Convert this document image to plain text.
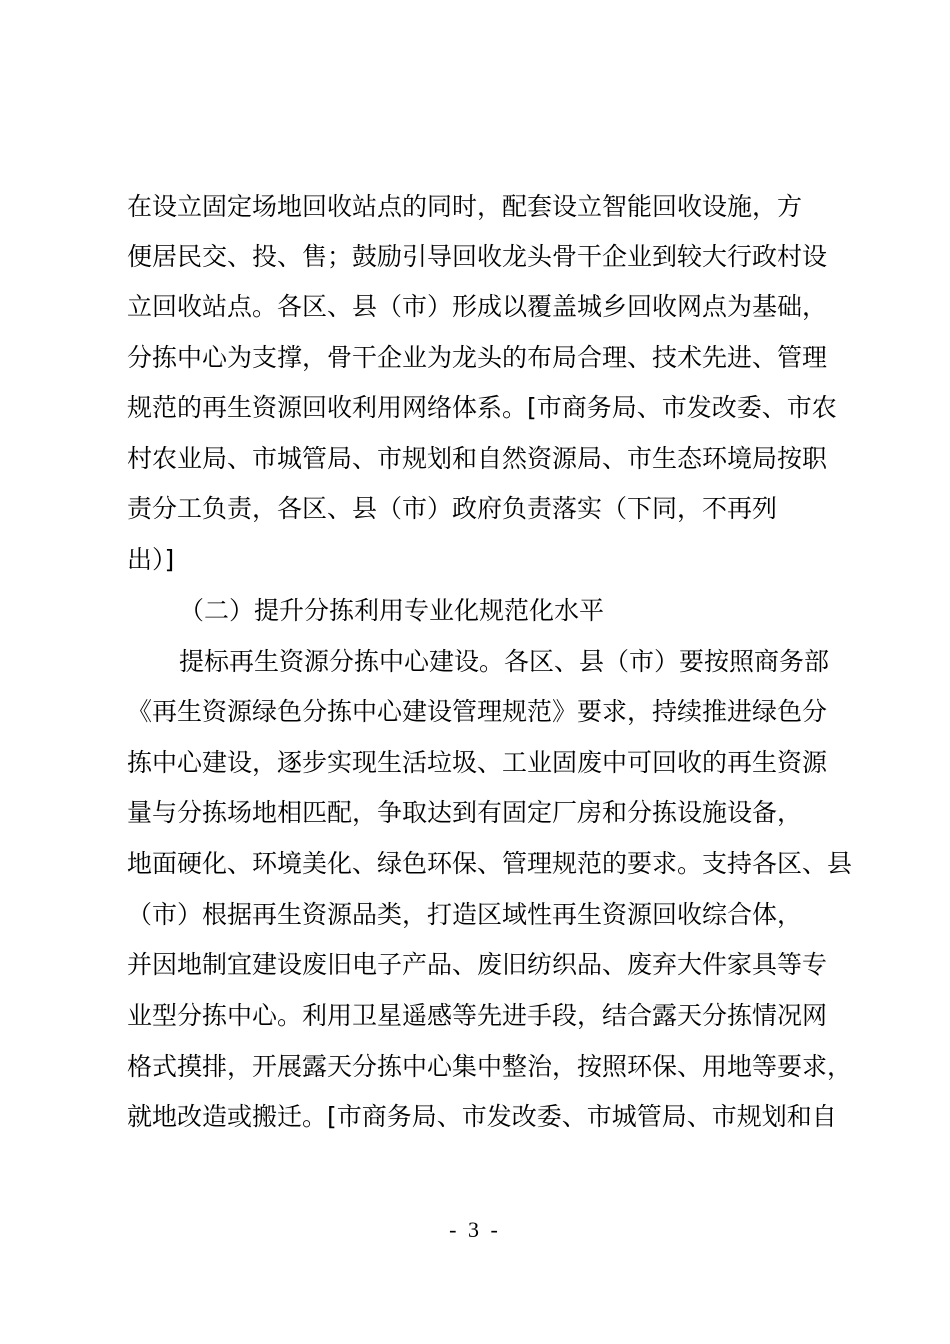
在设立固定场地回收站点的同时，配套设立智能回收设施，方
便居民交、投、售；鼓励引导回收龙头骨干企业到较大行政村设
立回收站点。各区、县（市）形成以覆盖城乡回收网点为基础，
分拣中心为支撑，骨干企业为龙头的布局合理、技术先进、管理
规范的再生资源回收利用网络体系。[市商务局、市发改委、市农
村农业局、市城管局、市规划和自然资源局、市生态环境局按职
责分工负责，各区、县（市）政府负责落实（下同，不再列
出）]
（二）提升分拣利用专业化规范化水平
提标再生资源分拣中心建设。各区、县（市）要按照商务部
《再生资源绿色分拣中心建设管理规范》要求，持续推进绿色分
拣中心建设，逐步实现生活垃圾、工业固废中可回收的再生资源
量与分拣场地相匹配，争取达到有固定厂房和分拣设施设备，
地面硬化、环境美化、绿色环保、管理规范的要求。支持各区、县
（市）根据再生资源品类，打造区域性再生资源回收综合体，
并因地制宜建设废旧电子产品、废旧纺织品、废弃大件家具等专
业型分拣中心。利用卫星遥感等先进手段，结合露天分拣情况网
格式摸排，开展露天分拣中心集中整治，按照环保、用地等要求，
就地改造或搬迁。[市商务局、市发改委、市城管局、市规划和自
- 3 -
